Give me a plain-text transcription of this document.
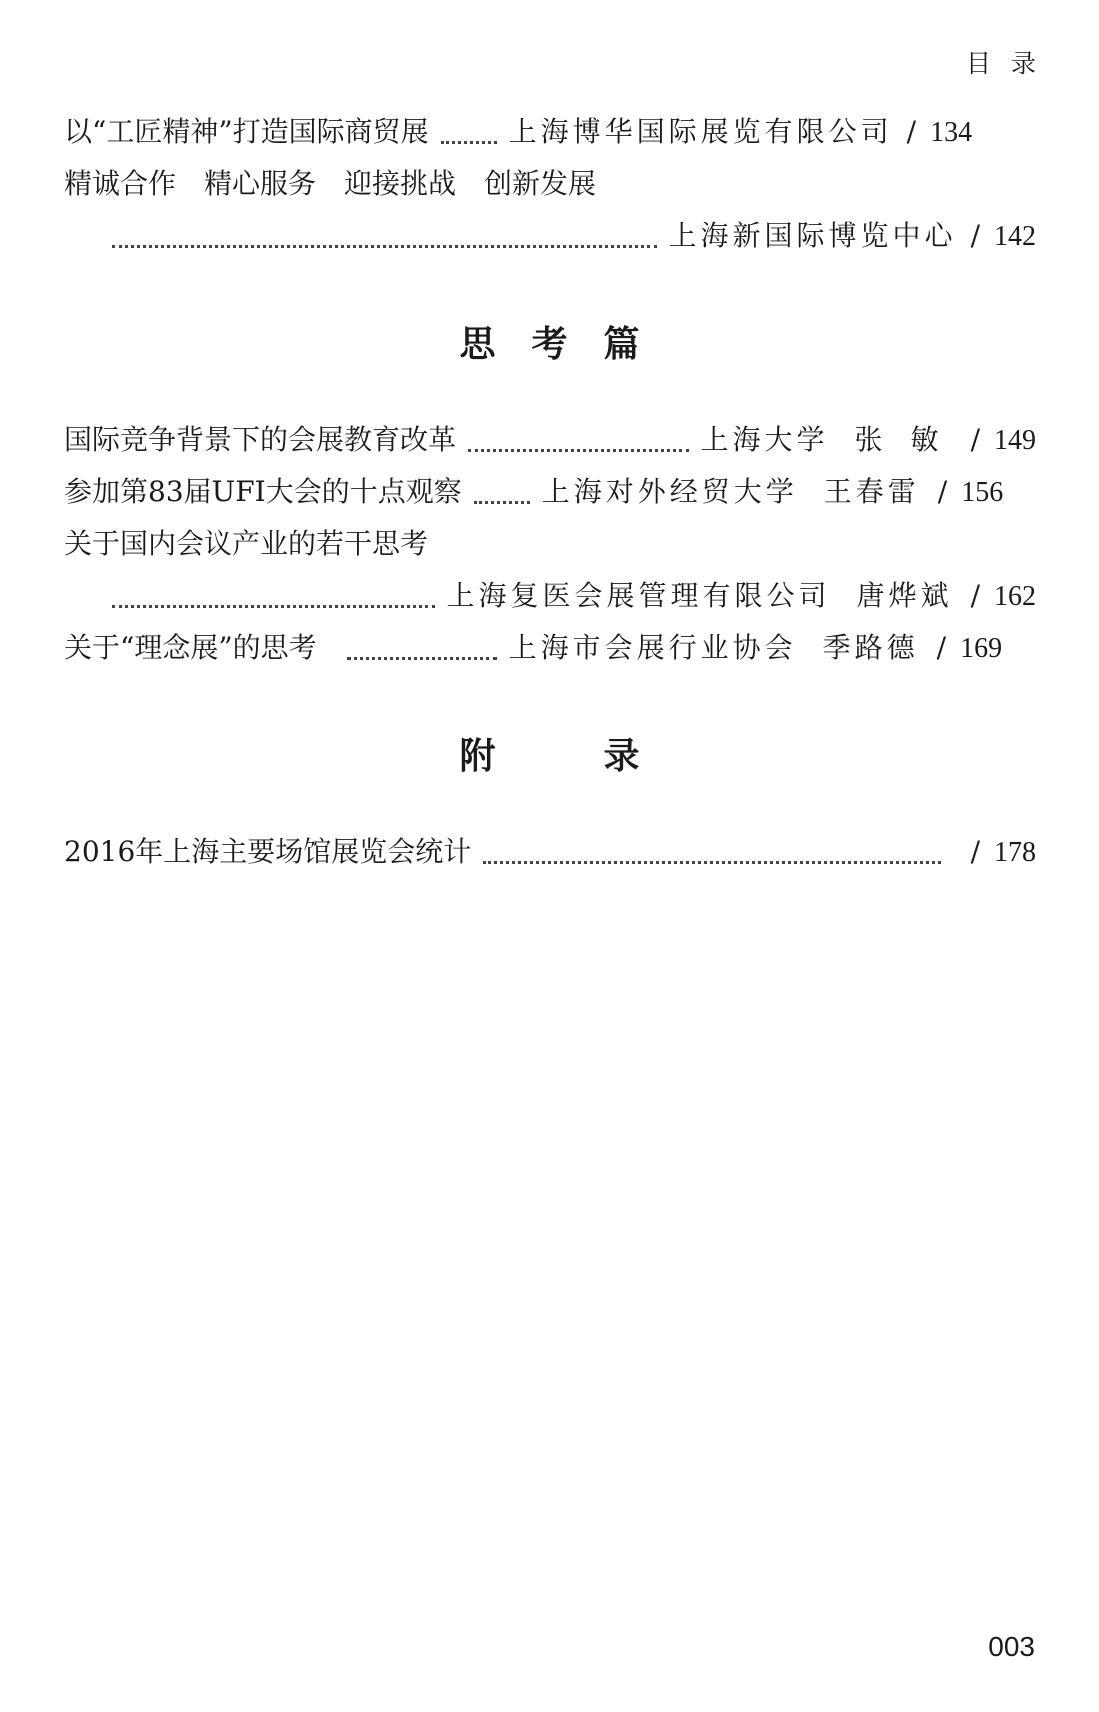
目录
以“工匠精神”打造国际商贸展	上海博华国际展览有限公司 / 134
精诚合作　精心服务　迎接挑战　创新发展
上海新国际博览中心 / 142
思　考　篇
国际竞争背景下的会展教育改革	上海大学 张敏 / 149
参加第83届UFI大会的十点观察	上海对外经贸大学 王春雷 / 156
关于国内会议产业的若干思考
上海复医会展管理有限公司 唐烨斌 / 162
关于“理念展”的思考	上海市会展行业协会 季路德 / 169
附　　　录
2016年上海主要场馆展览会统计	/ 178
003
